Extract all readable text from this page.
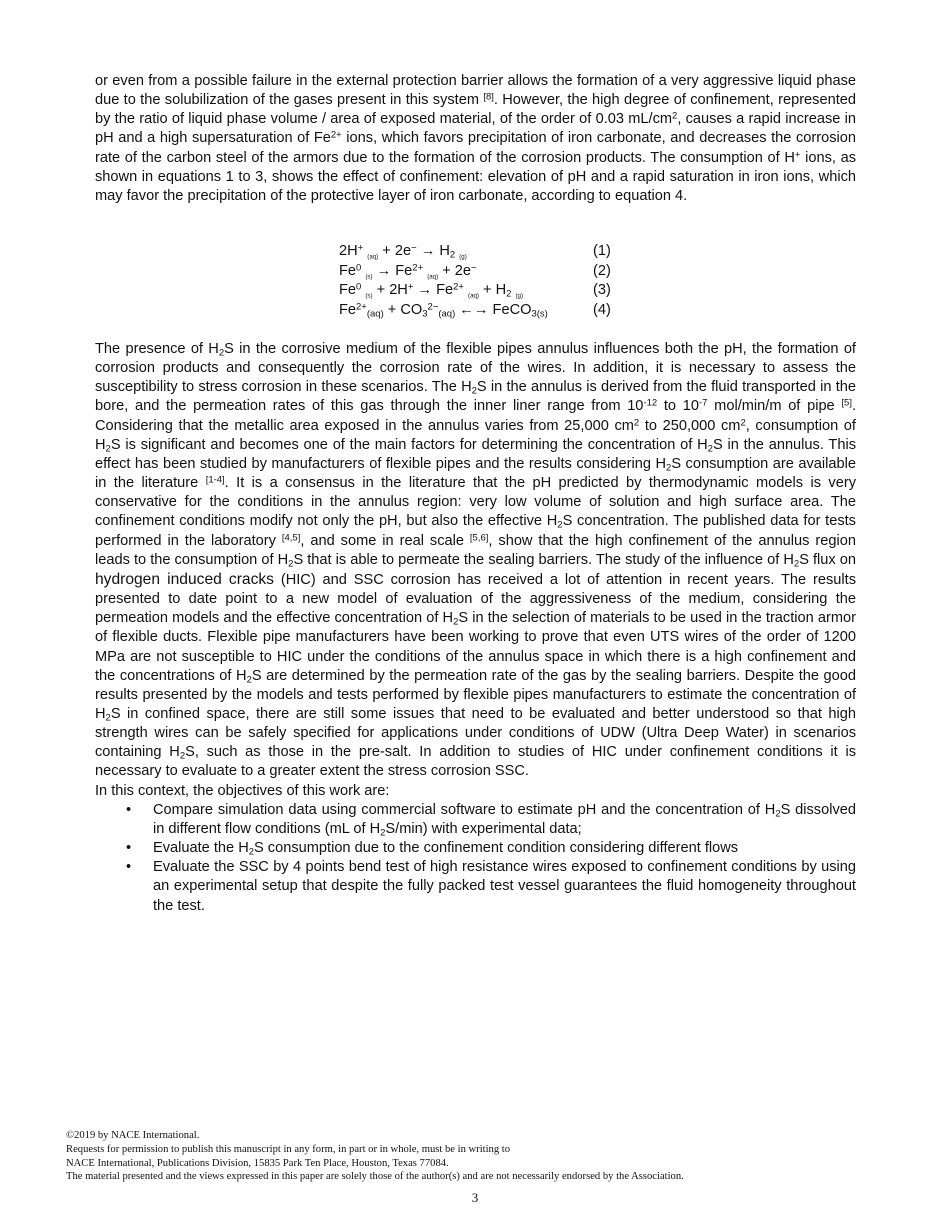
or even from a possible failure in the external protection barrier allows the formation of a very aggressive liquid phase due to the solubilization of the gases present in this system [8]. However, the high degree of confinement, represented by the ratio of liquid phase volume / area of exposed material, of the order of 0.03 $mL/cm^2$, causes a rapid increase in pH and a high supersaturation of $Fe^{2+}$ ions, which favors precipitation of iron carbonate, and decreases the corrosion rate of the carbon steel of the armors due to the formation of the corrosion products. The consumption of H+ ions, as shown in equations 1 to 3, shows the effect of confinement: elevation of pH and a rapid saturation in iron ions, which may favor the precipitation of the protective layer of iron carbonate, according to equation 4.

2H+ $_{_{(aq)}} + 2e^- \to H_2$ $_{_{(g)}}$	(1)
Fe$^0$ $_{_{(s)}} \to Fe^{2+}$ $_{_{(aq)}}$ + 2e−	(2)
Fe$^0$ $_{_{(s)}} + 2H^+ \to Fe^{2+}$ $_{_{(aq)}} + H_2$ $_{_{(g)}}$	(3)
$Fe^{2+}_{(aq)} + CO_3^{2-}_{(aq)}$ ←→ FeCO$_{3(s)}$	(4)

The presence of $H_2S$ in the corrosive medium of the flexible pipes annulus influences both the pH, the formation of corrosion products and consequently the corrosion rate of the wires. In addition, it is necessary to assess the susceptibility to stress corrosion in these scenarios. The $H_2S$ in the annulus is derived from the fluid transported in the bore, and the permeation rates of this gas through the inner liner range from $10^{-12}$ to $10^{-7}$ mol/min/m of pipe [5]. Considering that the metallic area exposed in the annulus varies from 25,000 $cm^2$ to 250,000 $cm^2$, consumption of $H_2S$ is significant and becomes one of the main factors for determining the concentration of $H_2S$ in the annulus. This effect has been studied by manufacturers of flexible pipes and the results considering $H_2S$ consumption are available in the literature [1-4]. It is a consensus in the literature that the pH predicted by thermodynamic models is very conservative for the conditions in the annulus region: very low volume of solution and high surface area. The confinement conditions modify not only the pH, but also the effective $H_2S$ concentration. The published data for tests performed in the laboratory [4,5], and some in real scale [5,6], show that the high confinement of the annulus region leads to the consumption of $H_2S$ that is able to permeate the sealing barriers. The study of the influence of $H_2S$ flux on hydrogen induced cracks (HIC) and SSC corrosion has received a lot of attention in recent years. The results presented to date point to a new model of evaluation of the aggressiveness of the medium, considering the permeation models and the effective concentration of $H_2S$ in the selection of materials to be used in the traction armor of flexible ducts. Flexible pipe manufacturers have been working to prove that even UTS wires of the order of 1200 MPa are not susceptible to HIC under the conditions of the annulus space in which there is a high confinement and the concentrations of $H_2S$ are determined by the permeation rate of the gas by the sealing barriers. Despite the good results presented by the models and tests performed by flexible pipes manufacturers to estimate the concentration of $H_2S$ in confined space, there are still some issues that need to be evaluated and better understood so that high strength wires can be safely specified for applications under conditions of UDW (Ultra Deep Water) in scenarios containing $H_2S$, such as those in the pre-salt. In addition to studies of HIC under confinement conditions it is necessary to evaluate to a greater extent the stress corrosion SSC.

In this context, the objectives of this work are:

• Compare simulation data using commercial software to estimate pH and the concentration of $H_2S$ dissolved in different flow conditions (mL of $H_2S/\min$) with experimental data;
• Evaluate the $H_2S$ consumption due to the confinement condition considering different flows
• Evaluate the SSC by 4 points bend test of high resistance wires exposed to confinement conditions by using an experimental setup that despite the fully packed test vessel guarantees the fluid homogeneity throughout the test.
©2019 by NACE International.
Requests for permission to publish this manuscript in any form, in part or in whole, must be in writing to
NACE International, Publications Division, 15835 Park Ten Place, Houston, Texas 77084.
The material presented and the views expressed in this paper are solely those of the author(s) and are not necessarily endorsed by the Association.
3
